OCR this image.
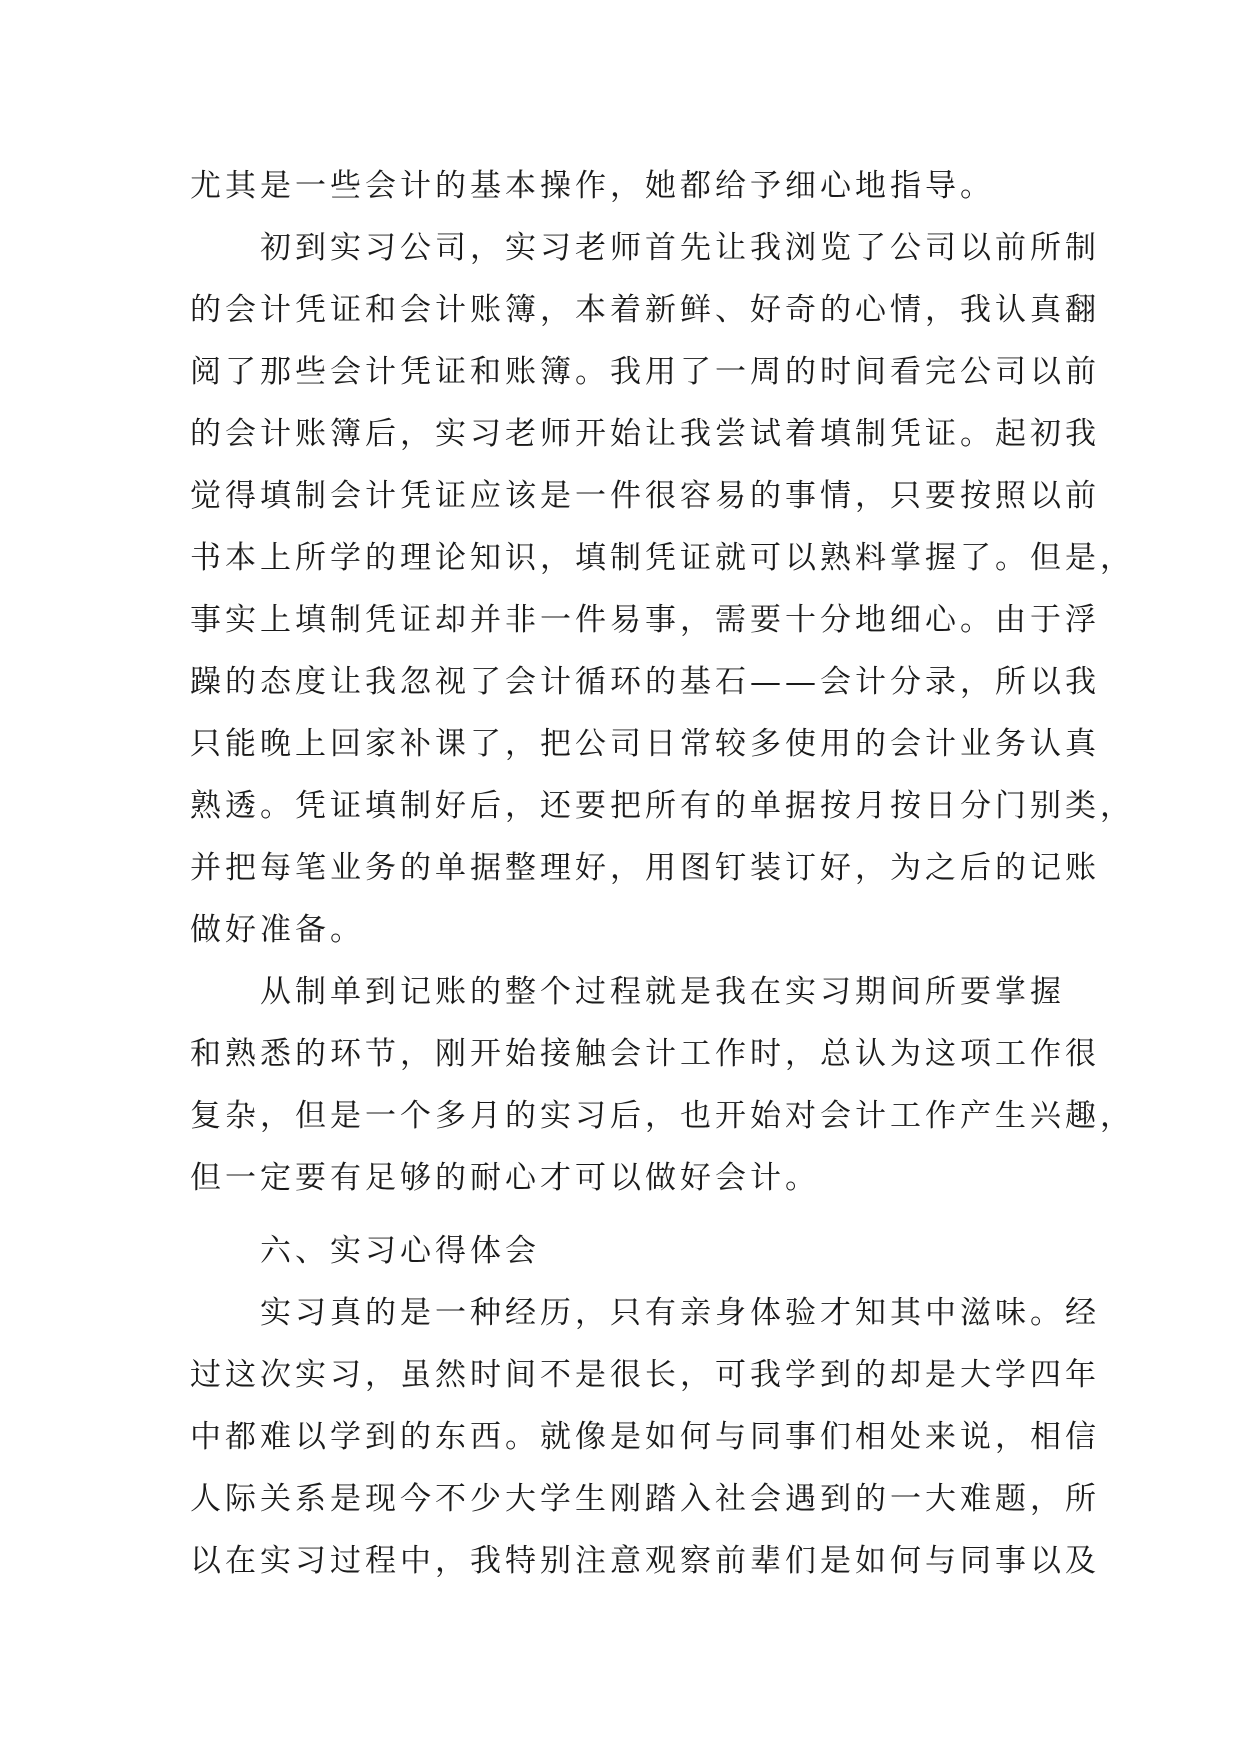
尤其是一些会计的基本操作，她都给予细心地指导。
初到实习公司，实习老师首先让我浏览了公司以前所制
的会计凭证和会计账簿，本着新鲜、好奇的心情，我认真翻
阅了那些会计凭证和账簿。我用了一周的时间看完公司以前
的会计账簿后，实习老师开始让我尝试着填制凭证。起初我
觉得填制会计凭证应该是一件很容易的事情，只要按照以前
书本上所学的理论知识，填制凭证就可以熟料掌握了。但是，
事实上填制凭证却并非一件易事，需要十分地细心。由于浮
躁的态度让我忽视了会计循环的基石——会计分录，所以我
只能晚上回家补课了，把公司日常较多使用的会计业务认真
熟透。凭证填制好后，还要把所有的单据按月按日分门别类，
并把每笔业务的单据整理好，用图钉装订好，为之后的记账
做好准备。
从制单到记账的整个过程就是我在实习期间所要掌握
和熟悉的环节，刚开始接触会计工作时，总认为这项工作很
复杂，但是一个多月的实习后，也开始对会计工作产生兴趣，
但一定要有足够的耐心才可以做好会计。
六、实习心得体会
实习真的是一种经历，只有亲身体验才知其中滋味。经
过这次实习，虽然时间不是很长，可我学到的却是大学四年
中都难以学到的东西。就像是如何与同事们相处来说，相信
人际关系是现今不少大学生刚踏入社会遇到的一大难题，所
以在实习过程中，我特别注意观察前辈们是如何与同事以及
